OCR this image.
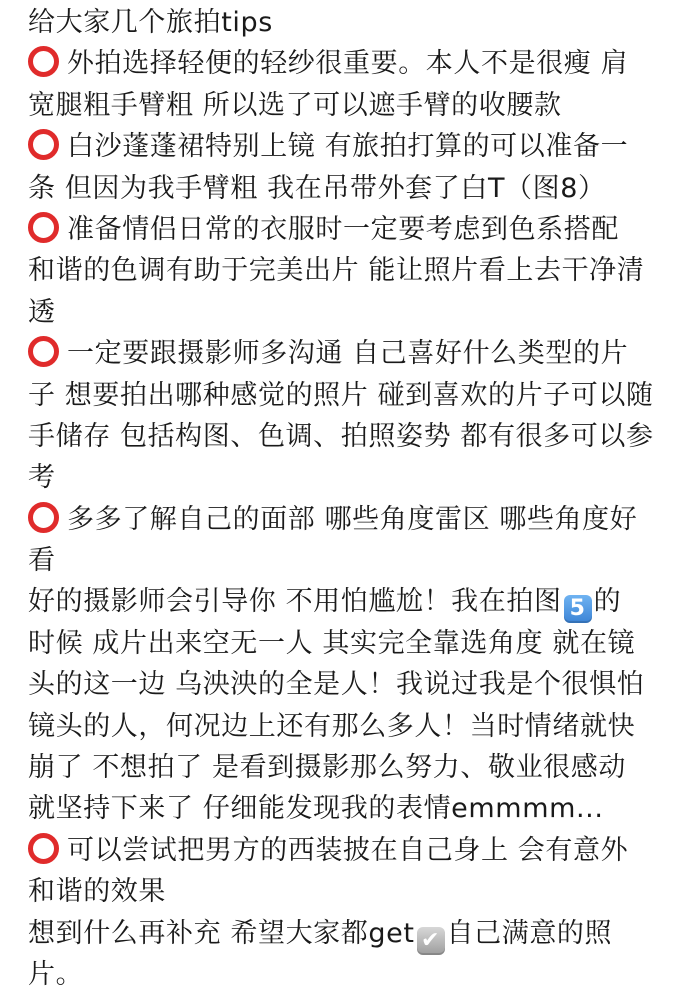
给大家几个旅拍tips
外拍选择轻便的轻纱很重要。本人不是很瘦 肩
宽腿粗手臂粗 所以选了可以遮手臂的收腰款
白沙蓬蓬裙特别上镜 有旅拍打算的可以准备一
条 但因为我手臂粗 我在吊带外套了白T（图8）
准备情侣日常的衣服时一定要考虑到色系搭配
和谐的色调有助于完美出片 能让照片看上去干净清
透
一定要跟摄影师多沟通 自己喜好什么类型的片
子 想要拍出哪种感觉的照片 碰到喜欢的片子可以随
手储存 包括构图、色调、拍照姿势 都有很多可以参
考
多多了解自己的面部 哪些角度雷区 哪些角度好
看
好的摄影师会引导你 不用怕尴尬！我在拍图 5 的
时候 成片出来空无一人 其实完全靠选角度 就在镜
头的这一边 乌泱泱的全是人！我说过我是个很惧怕
镜头的人，何况边上还有那么多人！当时情绪就快
崩了 不想拍了 是看到摄影那么努力、敬业很感动
就坚持下来了 仔细能发现我的表情emmmm...
可以尝试把男方的西装披在自己身上 会有意外
和谐的效果
想到什么再补充 希望大家都get ✔ 自己满意的照
片。
